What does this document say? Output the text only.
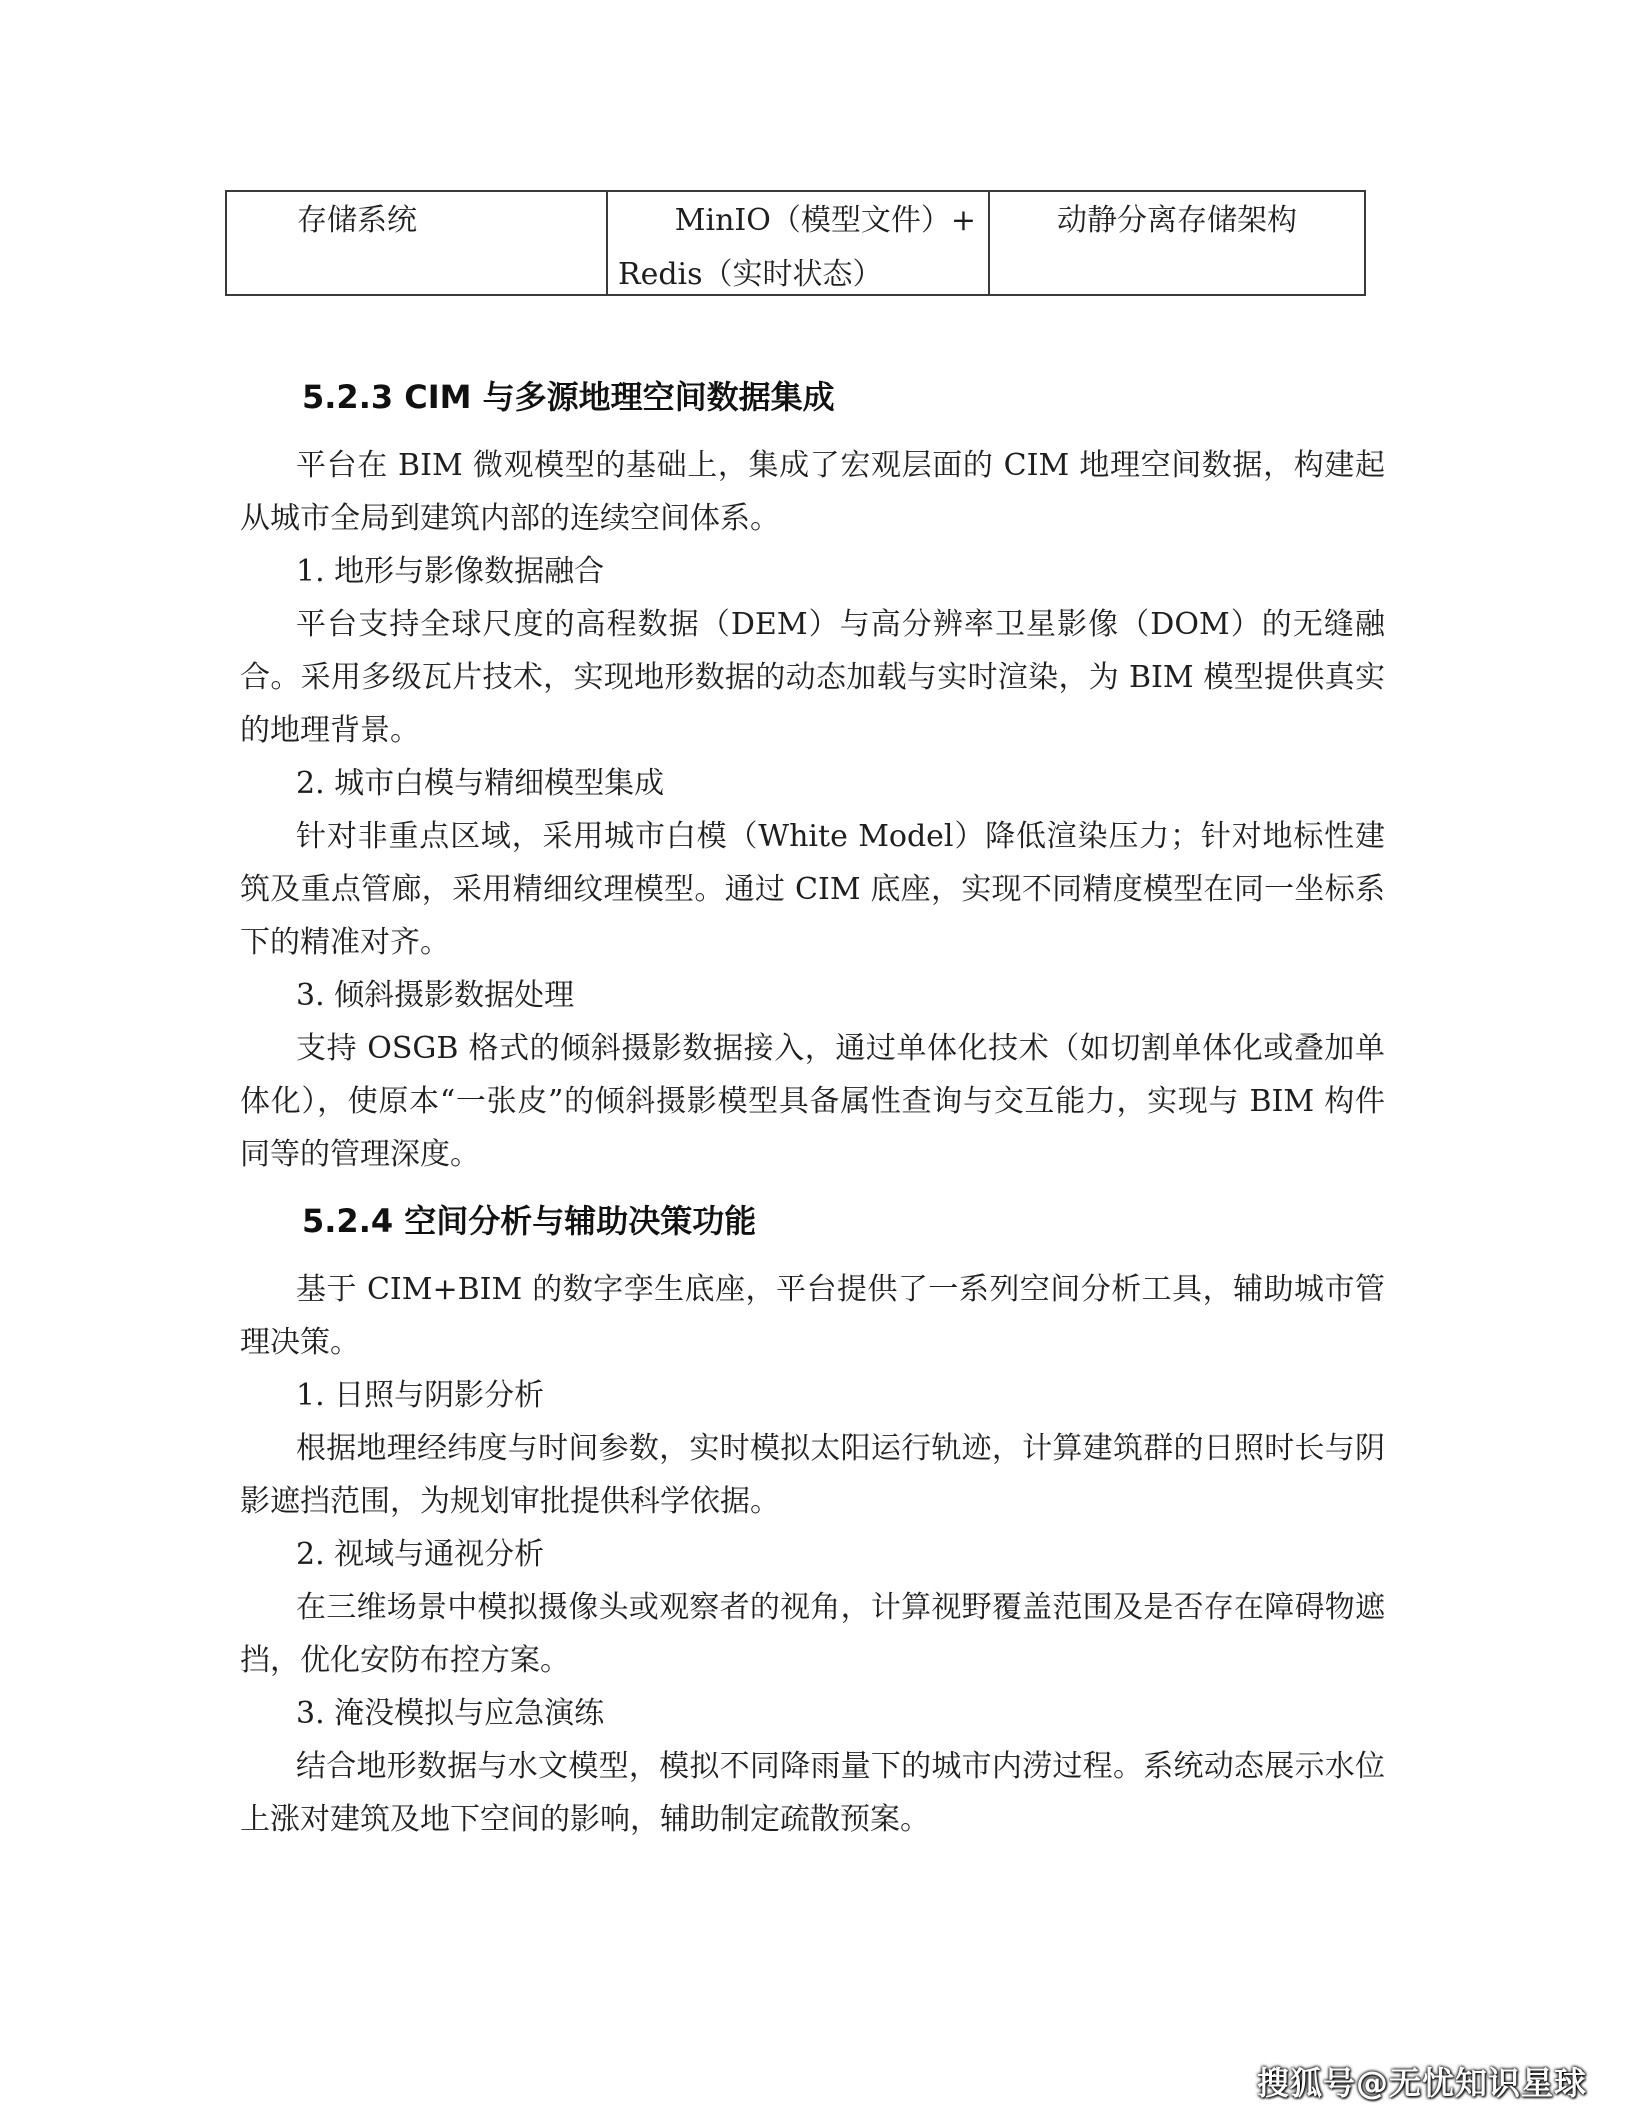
存储系统	MinIO（模型文件）+
Redis（实时状态）
动静分离存储架构
5.2.3 CIM 与多源地理空间数据集成

平台在 BIM 微观模型的基础上，集成了宏观层面的 CIM 地理空间数据，构建起从城市全局到建筑内部的连续空间体系。

1. 地形与影像数据融合

平台支持全球尺度的高程数据（DEM）与高分辨率卫星影像（DOM）的无缝融合。采用多级瓦片技术，实现地形数据的动态加载与实时渲染，为 BIM 模型提供真实的地理背景。

2. 城市白模与精细模型集成

针对非重点区域，采用城市白模（White Model）降低渲染压力；针对地标性建筑及重点管廊，采用精细纹理模型。通过 CIM 底座，实现不同精度模型在同一坐标系下的精准对齐。

3. 倾斜摄影数据处理

支持 OSGB 格式的倾斜摄影数据接入，通过单体化技术（如切割单体化或叠加单体化），使原本“一张皮”的倾斜摄影模型具备属性查询与交互能力，实现与 BIM 构件同等的管理深度。

5.2.4 空间分析与辅助决策功能

基于 CIM+BIM 的数字孪生底座，平台提供了一系列空间分析工具，辅助城市管理决策。

1. 日照与阴影分析

根据地理经纬度与时间参数，实时模拟太阳运行轨迹，计算建筑群的日照时长与阴影遮挡范围，为规划审批提供科学依据。

2. 视域与通视分析

在三维场景中模拟摄像头或观察者的视角，计算视野覆盖范围及是否存在障碍物遮挡，优化安防布控方案。

3. 淹没模拟与应急演练

结合地形数据与水文模型，模拟不同降雨量下的城市内涝过程。系统动态展示水位上涨对建筑及地下空间的影响，辅助制定疏散预案。

搜狐号@无忧知识星球
